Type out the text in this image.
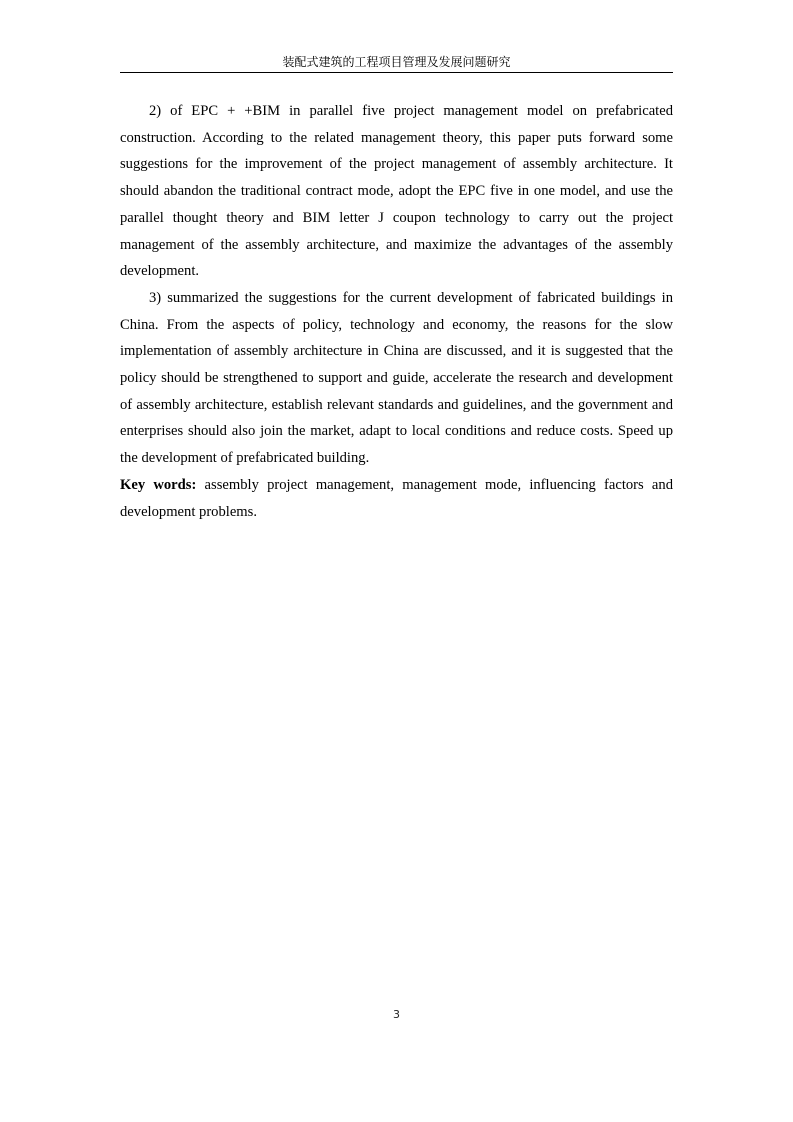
装配式建筑的工程项目管理及发展问题研究

2) of EPC + +BIM in parallel five project management model on prefabricated construction. According to the related management theory, this paper puts forward some suggestions for the improvement of the project management of assembly architecture. It should abandon the traditional contract mode, adopt the EPC five in one model, and use the parallel thought theory and BIM letter J coupon technology to carry out the project management of the assembly architecture, and maximize the advantages of the assembly development.

3) summarized the suggestions for the current development of fabricated buildings in China. From the aspects of policy, technology and economy, the reasons for the slow implementation of assembly architecture in China are discussed, and it is suggested that the policy should be strengthened to support and guide, accelerate the research and development of assembly architecture, establish relevant standards and guidelines, and the government and enterprises should also join the market, adapt to local conditions and reduce costs. Speed up the development of prefabricated building.

Key words: assembly project management, management mode, influencing factors and development problems.

3
